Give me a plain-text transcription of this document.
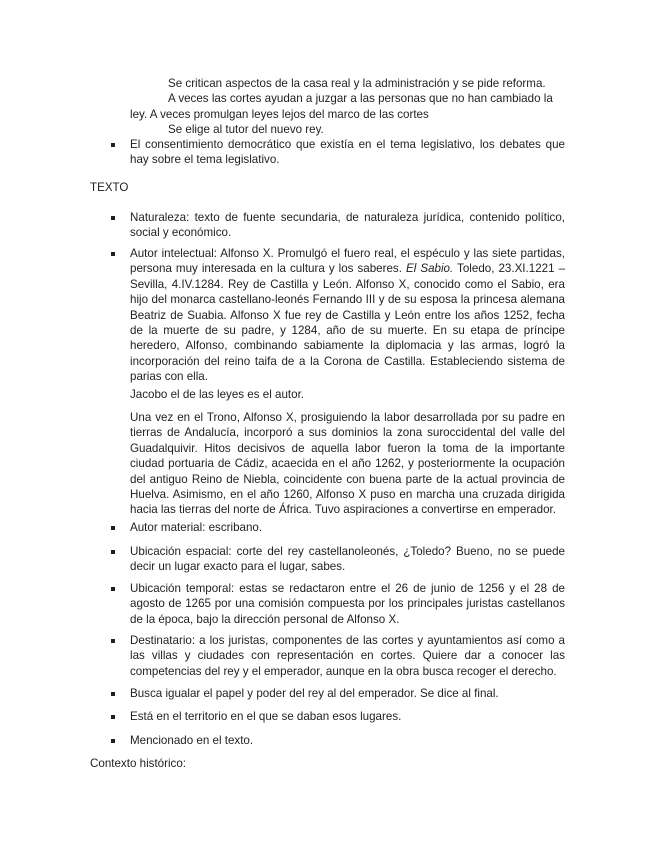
Se critican aspectos de la casa real y la administración y se pide reforma.
A veces las cortes ayudan a juzgar a las personas que no han cambiado la
ley. A veces promulgan leyes lejos del marco de las cortes
Se elige al tutor del nuevo rey.
El consentimiento democrático que existía en el tema legislativo, los debates que hay sobre el tema legislativo.
TEXTO
Naturaleza: texto de fuente secundaria, de naturaleza jurídica, contenido político, social y económico.
Autor intelectual: Alfonso X. Promulgó el fuero real, el espéculo y las siete partidas, persona muy interesada en la cultura y los saberes. El Sabio. Toledo, 23.XI.1221 – Sevilla, 4.IV.1284. Rey de Castilla y León. Alfonso X, conocido como el Sabio, era hijo del monarca castellano-leonés Fernando III y de su esposa la princesa alemana Beatriz de Suabia. Alfonso X fue rey de Castilla y León entre los años 1252, fecha de la muerte de su padre, y 1284, año de su muerte. En su etapa de príncipe heredero, Alfonso, combinando sabiamente la diplomacia y las armas, logró la incorporación del reino taifa de a la Corona de Castilla. Estableciendo sistema de parias con ella.
Jacobo el de las leyes es el autor.
Una vez en el Trono, Alfonso X, prosiguiendo la labor desarrollada por su padre en tierras de Andalucía, incorporó a sus dominios la zona suroccidental del valle del Guadalquivir. Hitos decisivos de aquella labor fueron la toma de la importante ciudad portuaria de Cádiz, acaecida en el año 1262, y posteriormente la ocupación del antiguo Reino de Niebla, coincidente con buena parte de la actual provincia de Huelva. Asimismo, en el año 1260, Alfonso X puso en marcha una cruzada dirigida hacia las tierras del norte de África. Tuvo aspiraciones a convertirse en emperador.
Autor material: escribano.
Ubicación espacial: corte del rey castellanoleonés, ¿Toledo? Bueno, no se puede decir un lugar exacto para el lugar, sabes.
Ubicación temporal: estas se redactaron entre el 26 de junio de 1256 y el 28 de agosto de 1265 por una comisión compuesta por los principales juristas castellanos de la época, bajo la dirección personal de Alfonso X.
Destinatario: a los juristas, componentes de las cortes y ayuntamientos así como a las villas y ciudades con representación en cortes. Quiere dar a conocer las competencias del rey y el emperador, aunque en la obra busca recoger el derecho.
Busca igualar el papel y poder del rey al del emperador. Se dice al final.
Está en el territorio en el que se daban esos lugares.
Mencionado en el texto.
Contexto histórico:
